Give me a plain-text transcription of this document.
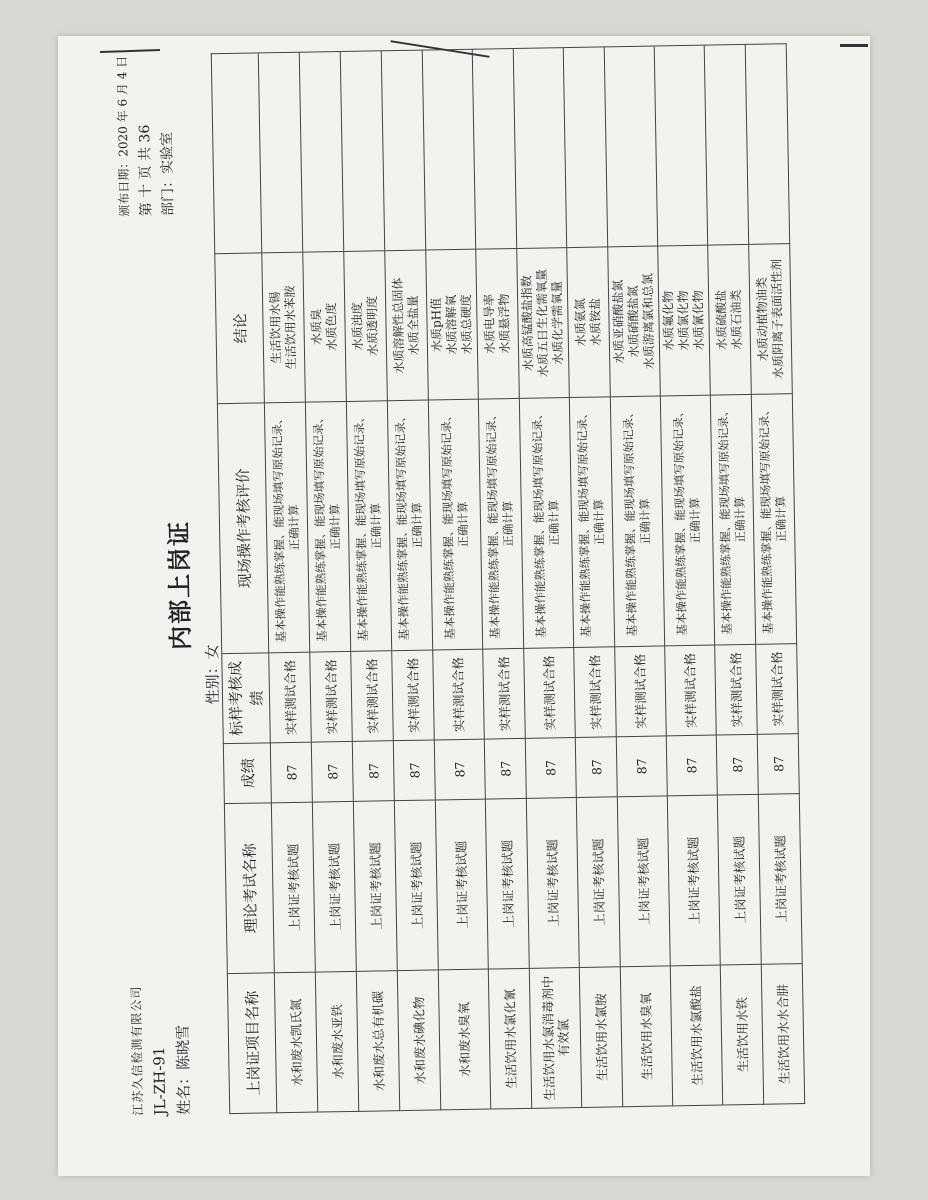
江苏久信检测有限公司 JL-ZH-91 姓名：陈晓雪
内部上岗证
性别：女
颁布日期：2020 年 6 月 4 日
第 十 页 共 36 部门：实验室
上岗证项目名称	理论考试名称	成绩	标样考核成绩	现场操作考核评价	结论	
水和废水凯氏氮	上岗证考核试题	87	实样测试合格	基本操作能熟练掌握、能现场填写原始记录、正确计算	生活饮用水锡
生活饮用水苯胺	
水和废水亚铁	上岗证考核试题	87	实样测试合格	基本操作能熟练掌握、能现场填写原始记录、正确计算	水质臭
水质色度	
水和废水总有机碳	上岗证考核试题	87	实样测试合格	基本操作能熟练掌握、能现场填写原始记录、正确计算	水质浊度
水质透明度	
水和废水碘化物	上岗证考核试题	87	实样测试合格	基本操作能熟练掌握、能现场填写原始记录、正确计算	水质溶解性总固体
水质全盐量	
水和废水臭氧	上岗证考核试题	87	实样测试合格	基本操作能熟练掌握、能现场填写原始记录、正确计算	水质pH值
水质溶解氧
水质总硬度	
生活饮用水氯化氰	上岗证考核试题	87	实样测试合格	基本操作能熟练掌握、能现场填写原始记录、正确计算	水质电导率
水质悬浮物	
生活饮用水氯消毒剂中有效氯	上岗证考核试题	87	实样测试合格	基本操作能熟练掌握、能现场填写原始记录、正确计算	水质高锰酸盐指数
水质五日生化需氧量
水质化学需氧量	
生活饮用水氯胺	上岗证考核试题	87	实样测试合格	基本操作能熟练掌握、能现场填写原始记录、正确计算	水质氨氮
水质铵盐	
生活饮用水臭氧	上岗证考核试题	87	实样测试合格	基本操作能熟练掌握、能现场填写原始记录、正确计算	水质亚硝酸盐氮
水质硝酸盐氮
水质游离氯和总氯	
生活饮用水氯酸盐	上岗证考核试题	87	实样测试合格	基本操作能熟练掌握、能现场填写原始记录、正确计算	水质氟化物
水质氯化物
水质氰化物	
生活饮用水铁	上岗证考核试题	87	实样测试合格	基本操作能熟练掌握、能现场填写原始记录、正确计算	水质硫酸盐
水质石油类	
生活饮用水水合肼	上岗证考核试题	87	实样测试合格	基本操作能熟练掌握、能现场填写原始记录、正确计算	水质动植物油类
水质阴离子表面活性剂	
